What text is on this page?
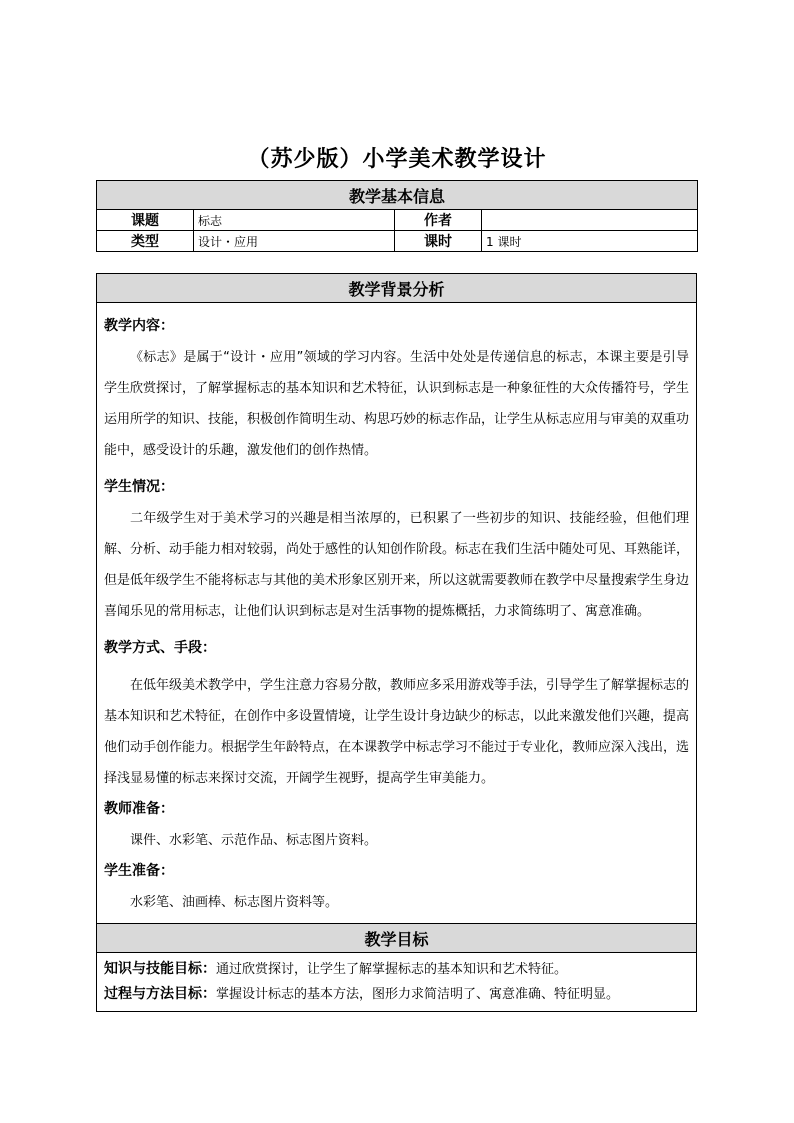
（苏少版）小学美术教学设计
教学基本信息			
课题	标志	作者	
类型	设计・应用	课时	1 课时
教学背景分析

教学内容：

《标志》是属于“设计・应用”领域的学习内容。生活中处处是传递信息的标志，本课主要是引导学生欣赏探讨，了解掌握标志的基本知识和艺术特征，认识到标志是一种象征性的大众传播符号，学生运用所学的知识、技能，积极创作简明生动、构思巧妙的标志作品，让学生从标志应用与审美的双重功能中，感受设计的乐趣，激发他们的创作热情。

学生情况：

二年级学生对于美术学习的兴趣是相当浓厚的，已积累了一些初步的知识、技能经验，但他们理解、分析、动手能力相对较弱，尚处于感性的认知创作阶段。标志在我们生活中随处可见、耳熟能详，但是低年级学生不能将标志与其他的美术形象区别开来，所以这就需要教师在教学中尽量搜索学生身边喜闻乐见的常用标志，让他们认识到标志是对生活事物的提炼概括，力求简练明了、寓意准确。

教学方式、手段：

在低年级美术教学中，学生注意力容易分散，教师应多采用游戏等手法，引导学生了解掌握标志的基本知识和艺术特征，在创作中多设置情境，让学生设计身边缺少的标志，以此来激发他们兴趣，提高他们动手创作能力。根据学生年龄特点，在本课教学中标志学习不能过于专业化，教师应深入浅出，选择浅显易懂的标志来探讨交流，开阔学生视野，提高学生审美能力。

教师准备：

课件、水彩笔、示范作品、标志图片资料。

学生准备：

水彩笔、油画棒、标志图片资料等。

教学目标
知识与技能目标：通过欣赏探讨，让学生了解掌握标志的基本知识和艺术特征。
过程与方法目标：掌握设计标志的基本方法，图形力求简洁明了、寓意准确、特征明显。
